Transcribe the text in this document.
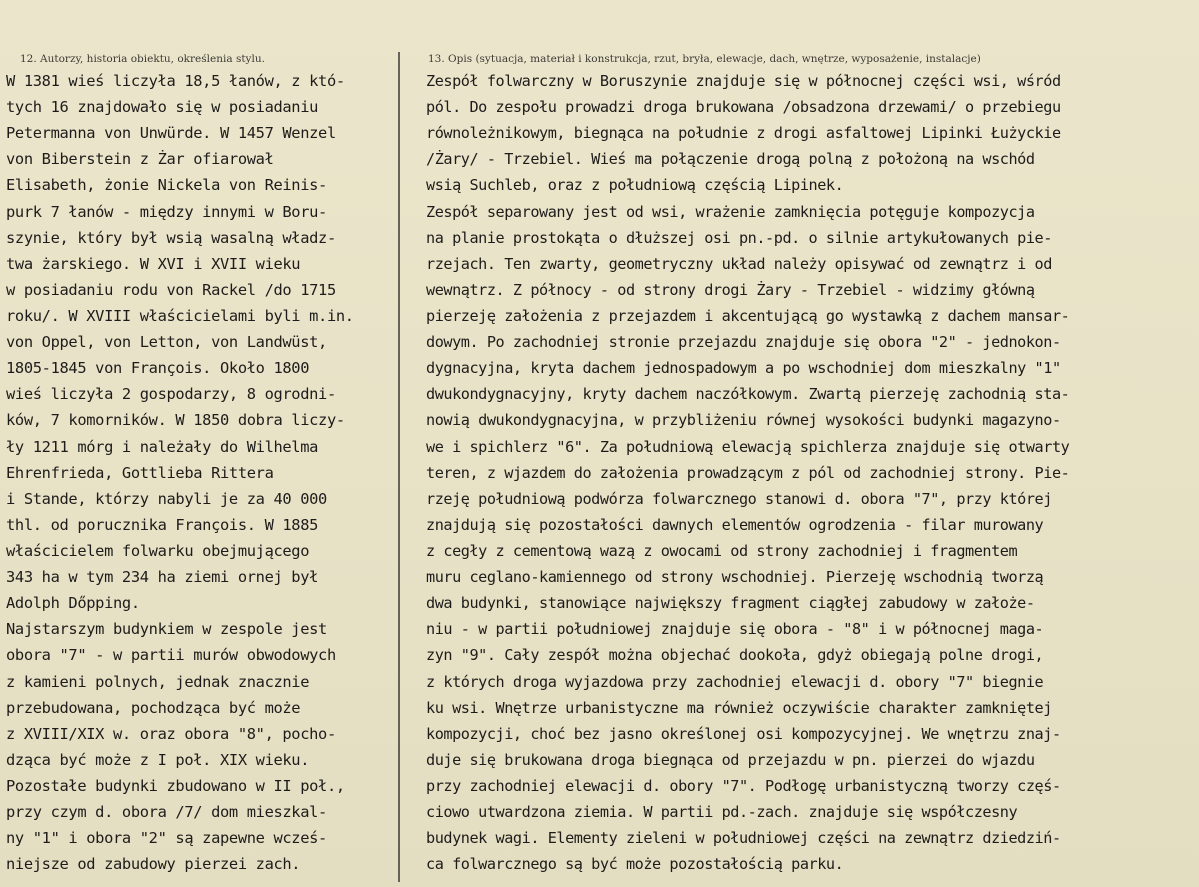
12. Autorzy, historia obiektu, określenia stylu.	13. Opis (sytuacja, materiał i konstrukcja, rzut, bryła, elewacje, dach, wnętrze, wyposażenie, instalacje)
W 1381 wieś liczyła 18,5 łanów, z któ-
tych 16 znajdowało się w posiadaniu
Petermanna von Unwürde. W 1457 Wenzel
von Biberstein z Żar ofiarował
Elisabeth, żonie Nickela von Reinis-
purk 7 łanów - między innymi w Boru-
szynie, który był wsią wasalną władz-
twa żarskiego. W XVI i XVII wieku
w posiadaniu rodu von Rackel /do 1715
roku/. W XVIII właścicielami byli m.in.
von Oppel, von Letton, von Landwüst,
1805-1845 von François. Około 1800
wieś liczyła 2 gospodarzy, 8 ogrodni-
ków, 7 komorników. W 1850 dobra liczy-
ły 1211 mórg i należały do Wilhelma
Ehrenfrieda, Gottlieba Rittera
i Stande, którzy nabyli je za 40 000
thl. od porucznika François. W 1885
właścicielem folwarku obejmującego
343 ha w tym 234 ha ziemi ornej był
Adolph Dőpping.
Najstarszym budynkiem w zespole jest
obora "7" - w partii murów obwodowych
z kamieni polnych, jednak znacznie
przebudowana, pochodząca być może
z XVIII/XIX w. oraz obora "8", pocho-
dząca być może z I poł. XIX wieku.
Pozostałe budynki zbudowano w II poł.,
przy czym d. obora /7/ dom mieszkal-
ny "1" i obora "2" są zapewne wcześ-
niejsze od zabudowy pierzei zach.
Zespół folwarczny w Boruszynie znajduje się w północnej części wsi, wśród
pól. Do zespołu prowadzi droga brukowana /obsadzona drzewami/ o przebiegu
równoleżnikowym, biegnąca na południe z drogi asfaltowej Lipinki Łużyckie
/Żary/ - Trzebiel. Wieś ma połączenie drogą polną z położoną na wschód
wsią Suchleb, oraz z południową częścią Lipinek.
Zespół separowany jest od wsi, wrażenie zamknięcia potęguje kompozycja
na planie prostokąta o dłuższej osi pn.-pd. o silnie artykułowanych pie-
rzejach. Ten zwarty, geometryczny układ należy opisywać od zewnątrz i od
wewnątrz. Z północy - od strony drogi Żary - Trzebiel - widzimy główną
pierzeję założenia z przejazdem i akcentującą go wystawką z dachem mansar-
dowym. Po zachodniej stronie przejazdu znajduje się obora "2" - jednokon-
dygnacyjna, kryta dachem jednospadowym a po wschodniej dom mieszkalny "1"
dwukondygnacyjny, kryty dachem naczółkowym. Zwartą pierzeję zachodnią sta-
nowią dwukondygnacyjna, w przybliżeniu równej wysokości budynki magazyno-
we i spichlerz "6". Za południową elewacją spichlerza znajduje się otwarty
teren, z wjazdem do założenia prowadzącym z pól od zachodniej strony. Pie-
rzeję południową podwórza folwarcznego stanowi d. obora "7", przy której
znajdują się pozostałości dawnych elementów ogrodzenia - filar murowany
z cegły z cementową wazą z owocami od strony zachodniej i fragmentem
muru ceglano-kamiennego od strony wschodniej. Pierzeję wschodnią tworzą
dwa budynki, stanowiące największy fragment ciągłej zabudowy w założe-
niu - w partii południowej znajduje się obora - "8" i w północnej maga-
zyn "9". Cały zespół można objechać dookoła, gdyż obiegają polne drogi,
z których droga wyjazdowa przy zachodniej elewacji d. obory "7" biegnie
ku wsi. Wnętrze urbanistyczne ma również oczywiście charakter zamkniętej
kompozycji, choć bez jasno określonej osi kompozycyjnej. We wnętrzu znaj-
duje się brukowana droga biegnąca od przejazdu w pn. pierzei do wjazdu
przy zachodniej elewacji d. obory "7". Podłogę urbanistyczną tworzy częś-
ciowo utwardzona ziemia. W partii pd.-zach. znajduje się współczesny
budynek wagi. Elementy zieleni w południowej części na zewnątrz dziedziń-
ca folwarcznego są być może pozostałością parku.
